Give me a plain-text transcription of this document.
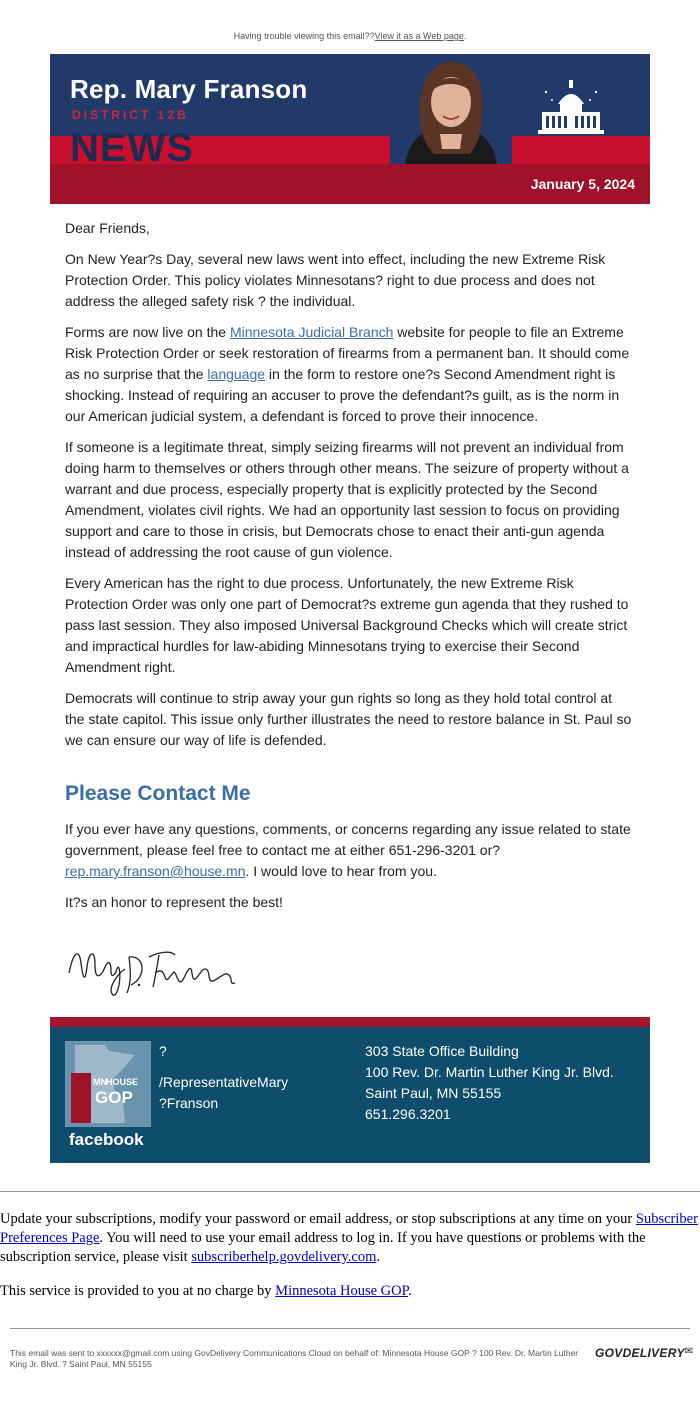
Having trouble viewing this email??View it as a Web page.
Rep. Mary Franson
DISTRICT 12B
NEWS
January 5, 2024

Dear Friends,

On New Year?s Day, several new laws went into effect, including the new Extreme Risk Protection Order. This policy violates Minnesotans? right to due process and does not address the alleged safety risk ? the individual.

Forms are now live on the Minnesota Judicial Branch website for people to file an Extreme Risk Protection Order or seek restoration of firearms from a permanent ban. It should come as no surprise that the language in the form to restore one?s Second Amendment right is shocking. Instead of requiring an accuser to prove the defendant?s guilt, as is the norm in our American judicial system, a defendant is forced to prove their innocence.

If someone is a legitimate threat, simply seizing firearms will not prevent an individual from doing harm to themselves or others through other means. The seizure of property without a warrant and due process, especially property that is explicitly protected by the Second Amendment, violates civil rights. We had an opportunity last session to focus on providing support and care to those in crisis, but Democrats chose to enact their anti-gun agenda instead of addressing the root cause of gun violence.

Every American has the right to due process. Unfortunately, the new Extreme Risk Protection Order was only one part of Democrat?s extreme gun agenda that they rushed to pass last session. They also imposed Universal Background Checks which will create strict and impractical hurdles for law-abiding Minnesotans trying to exercise their Second Amendment right.

Democrats will continue to strip away your gun rights so long as they hold total control at the state capitol. This issue only further illustrates the need to restore balance in St. Paul so we can ensure our way of life is defended.

Please Contact Me

If you ever have any questions, comments, or concerns regarding any issue related to state government, please feel free to contact me at either 651-296-3201 or? rep.mary.franson@house.mn. I would love to hear from you.

It?s an honor to represent the best!

MN HOUSE
GOP
facebook
?
/RepresentativeMary
?Franson
303 State Office Building
100 Rev. Dr. Martin Luther King Jr. Blvd.
Saint Paul, MN 55155
651.296.3201

Update your subscriptions, modify your password or email address, or stop subscriptions at any time on your Subscriber Preferences Page. You will need to use your email address to log in. If you have questions or problems with the subscription service, please visit subscriberhelp.govdelivery.com.

This service is provided to you at no charge by Minnesota House GOP.

This email was sent to xxxxxx@gmail.com using GovDelivery Communications Cloud on behalf of: Minnesota House GOP ? 100 Rev. Dr. Martin Luther King Jr. Blvd. ? Saint Paul, MN 55155
GOVDELIVERY✉
